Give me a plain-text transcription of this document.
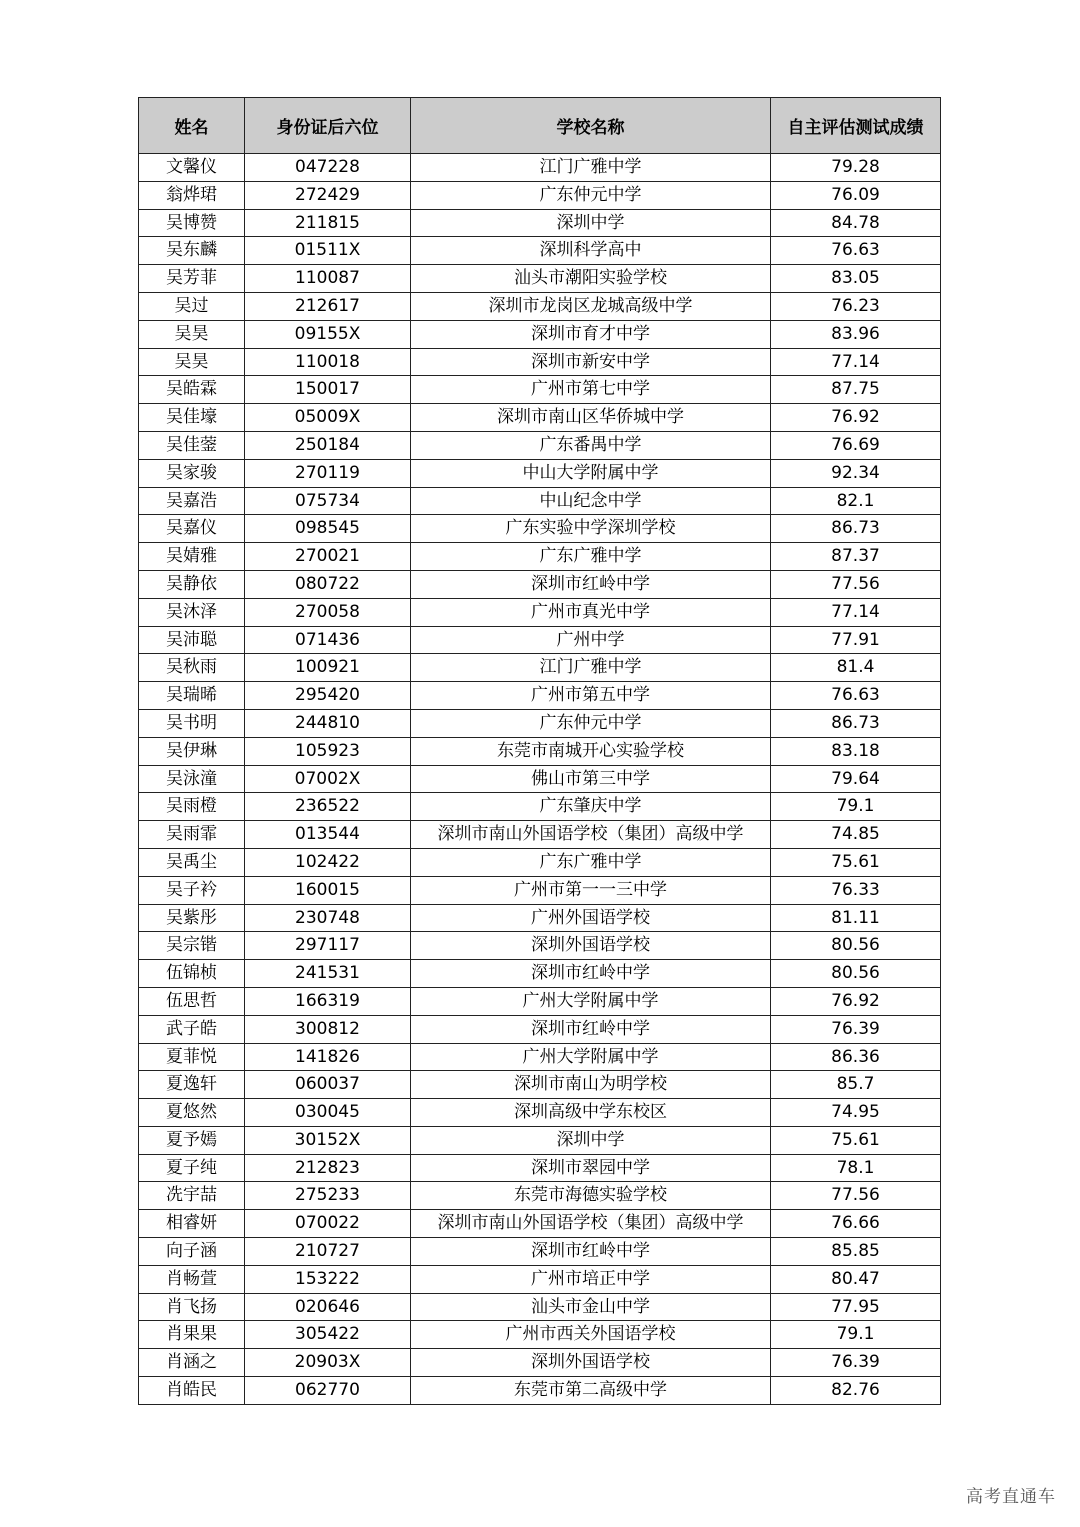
姓名	身份证后六位	学校名称	自主评估测试成绩
文馨仪	047228	江门广雅中学	79.28
翁烨珺	272429	广东仲元中学	76.09
吴博赞	211815	深圳中学	84.78
吴东麟	01511X	深圳科学高中	76.63
吴芳菲	110087	汕头市潮阳实验学校	83.05
吴过	212617	深圳市龙岗区龙城高级中学	76.23
吴昊	09155X	深圳市育才中学	83.96
吴昊	110018	深圳市新安中学	77.14
吴皓霖	150017	广州市第七中学	87.75
吴佳壕	05009X	深圳市南山区华侨城中学	76.92
吴佳蓥	250184	广东番禺中学	76.69
吴家骏	270119	中山大学附属中学	92.34
吴嘉浩	075734	中山纪念中学	82.1
吴嘉仪	098545	广东实验中学深圳学校	86.73
吴婧雅	270021	广东广雅中学	87.37
吴静依	080722	深圳市红岭中学	77.56
吴沐泽	270058	广州市真光中学	77.14
吴沛聪	071436	广州中学	77.91
吴秋雨	100921	江门广雅中学	81.4
吴瑞晞	295420	广州市第五中学	76.63
吴书明	244810	广东仲元中学	86.73
吴伊琳	105923	东莞市南城开心实验学校	83.18
吴泳潼	07002X	佛山市第三中学	79.64
吴雨橙	236522	广东肇庆中学	79.1
吴雨霏	013544	深圳市南山外国语学校（集团）高级中学	74.85
吴禹尘	102422	广东广雅中学	75.61
吴子衿	160015	广州市第一一三中学	76.33
吴紫彤	230748	广州外国语学校	81.11
吴宗锴	297117	深圳外国语学校	80.56
伍锦桢	241531	深圳市红岭中学	80.56
伍思哲	166319	广州大学附属中学	76.92
武子皓	300812	深圳市红岭中学	76.39
夏菲悦	141826	广州大学附属中学	86.36
夏逸轩	060037	深圳市南山为明学校	85.7
夏悠然	030045	深圳高级中学东校区	74.95
夏予嫣	30152X	深圳中学	75.61
夏子纯	212823	深圳市翠园中学	78.1
冼宇喆	275233	东莞市海德实验学校	77.56
相睿妍	070022	深圳市南山外国语学校（集团）高级中学	76.66
向子涵	210727	深圳市红岭中学	85.85
肖畅萱	153222	广州市培正中学	80.47
肖飞扬	020646	汕头市金山中学	77.95
肖果果	305422	广州市西关外国语学校	79.1
肖涵之	20903X	深圳外国语学校	76.39
肖皓民	062770	东莞市第二高级中学	82.76
高考直通车
